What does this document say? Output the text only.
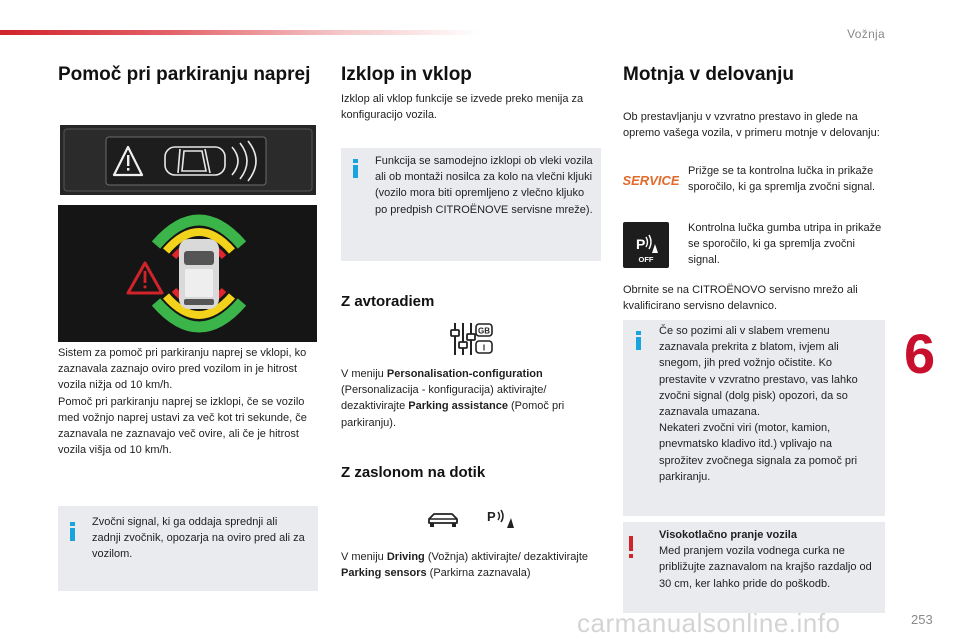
Vožnja
6
Pomoč pri parkiranju naprej
Sistem za pomoč pri parkiranju naprej se vklopi, ko zaznavala zaznajo oviro pred vozilom in je hitrost vozila nižja od 10 km/h.
Pomoč pri parkiranju naprej se izklopi, če se vozilo med vožnjo naprej ustavi za več kot tri sekunde, če zaznavala ne zaznavajo več ovire, ali če je hitrost vozila višja od 10 km/h.
Zvočni signal, ki ga oddaja sprednji ali zadnji zvočnik, opozarja na oviro pred ali za vozilom.
Izklop in vklop
Izklop ali vklop funkcije se izvede preko menija za konfiguracijo vozila.
Funkcija se samodejno izklopi ob vleki vozila ali ob montaži nosilca za kolo na vlečni kljuki (vozilo mora biti opremljeno z vlečno kljuko po predpish CITROËNOVE servisne mreže).
Z avtoradiem
GB
I
V meniju Personalisation-configuration (Personalizacija - konfiguracija) aktivirajte/ dezaktivirajte Parking assistance (Pomoč pri parkiranju).
Z zaslonom na dotik
P
V meniju Driving (Vožnja) aktivirajte/ dezaktivirajte Parking sensors (Parkirna zaznavala)
Motnja v delovanju
Ob prestavljanju v vzvratno prestavo in glede na opremo vašega vozila, v primeru motnje v delovanju:
SERVICE
Prižge se ta kontrolna lučka in prikaže sporočilo, ki ga spremlja zvočni signal.
P
OFF
Kontrolna lučka gumba utripa in prikaže se sporočilo, ki ga spremlja zvočni signal.
Obrnite se na CITROËNOVO servisno mrežo ali kvalificirano servisno delavnico.
Če so pozimi ali v slabem vremenu zaznavala prekrita z blatom, ivjem ali snegom, jih pred vožnjo očistite. Ko prestavite v vzvratno prestavo, vas lahko zvočni signal (dolg pisk) opozori, da so zaznavala umazana.
Nekateri zvočni viri (motor, kamion, pnevmatsko kladivo itd.) vplivajo na sprožitev zvočnega signala za pomoč pri parkiranju.
Visokotlačno pranje vozila
Med pranjem vozila vodnega curka ne približujte zaznavalom na krajšo razdaljo od 30 cm, ker lahko pride do poškodb.
carmanualsonline.info	253
